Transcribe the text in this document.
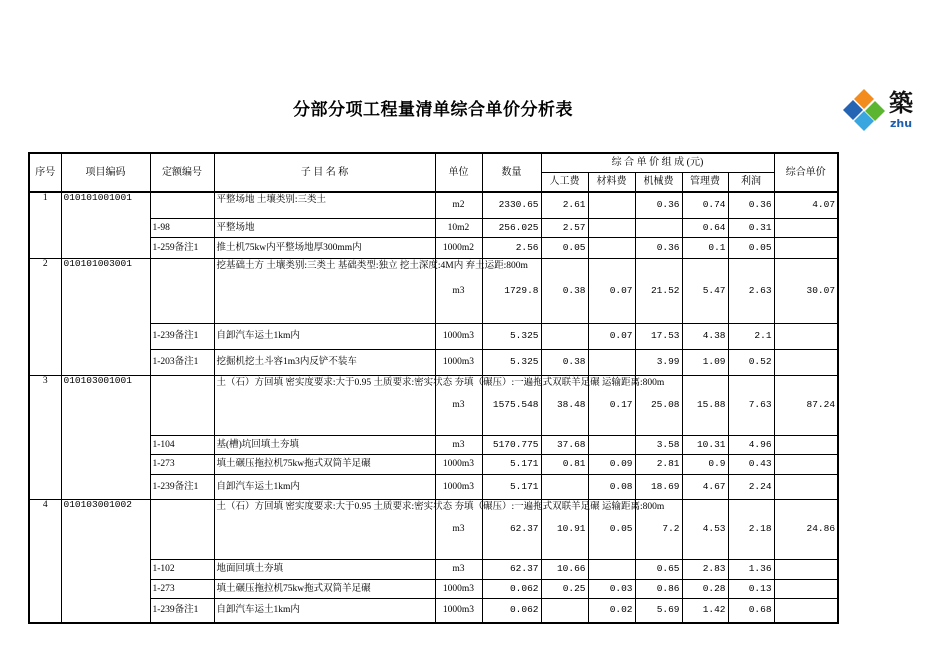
分部分项工程量清单综合单价分析表	築
zhu
序号	项目编码	定额编号	子 目 名 称	单位	数量	综 合 单 价 组 成 (元)					综合单价
						人工费	材料费	机械费	管理费	利润	
1	010101001001		平整场地 土壤类别:三类土	m2	2330.65	2.61		0.36	0.74	0.36	4.07
		1-98	平整场地	10m2	256.025	2.57			0.64	0.31	
		1-259备注1	推土机75kw内平整场地厚300mm内	1000m2	2.56	0.05		0.36	0.1	0.05	
2	010101003001		挖基础土方 土壤类别:三类土 基础类型:独立 挖土深度:4M内 弃土运距:800m	m3	1729.8	0.38	0.07	21.52	5.47	2.63	30.07
		1-239备注1	自卸汽车运土1km内	1000m3	5.325		0.07	17.53	4.38	2.1	
		1-203备注1	挖掘机挖土斗容1m3内反铲不装车	1000m3	5.325	0.38		3.99	1.09	0.52	
3	010103001001		土（石）方回填 密实度要求:大于0.95 土质要求:密实状态 夯填（碾压）:一遍拖式双联羊足碾 运输距离:800m	m3	1575.548	38.48	0.17	25.08	15.88	7.63	87.24
		1-104	基(槽)坑回填土夯填	m3	5170.775	37.68		3.58	10.31	4.96	
		1-273	填土碾压拖拉机75kw拖式双筒羊足碾	1000m3	5.171	0.81	0.09	2.81	0.9	0.43	
		1-239备注1	自卸汽车运土1km内	1000m3	5.171		0.08	18.69	4.67	2.24	
4	010103001002		土（石）方回填 密实度要求:大于0.95 土质要求:密实状态 夯填（碾压）:一遍拖式双联羊足碾 运输距离:800m	m3	62.37	10.91	0.05	7.2	4.53	2.18	24.86
		1-102	地面回填土夯填	m3	62.37	10.66		0.65	2.83	1.36	
		1-273	填土碾压拖拉机75kw拖式双筒羊足碾	1000m3	0.062	0.25	0.03	0.86	0.28	0.13	
		1-239备注1	自卸汽车运土1km内	1000m3	0.062		0.02	5.69	1.42	0.68	
